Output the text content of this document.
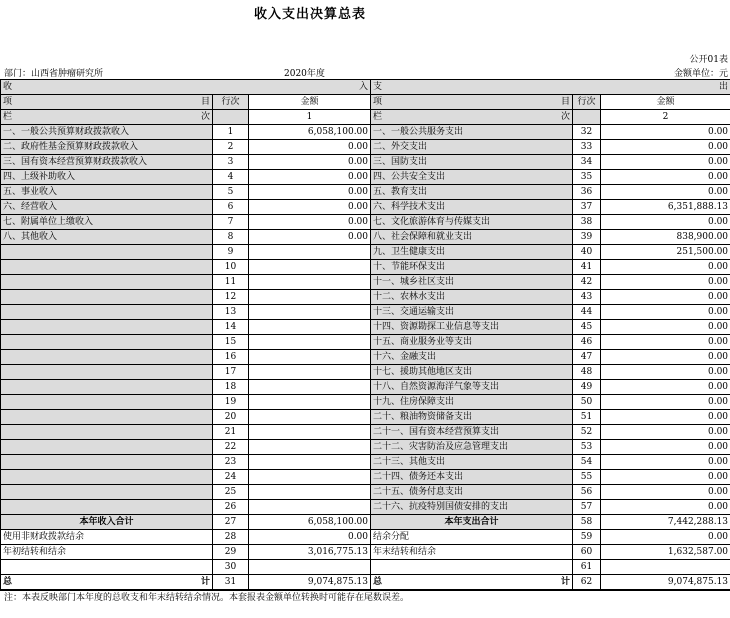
收入支出决算总表
公开01表
部门：山西省肿瘤研究所	2020年度	金额单位：元
收 入			支 出		

项 目	行次	金额	项 目	行次	金额

栏 次		1	栏 次		2
一、一般公共预算财政拨款收入	1	6,058,100.00	一、一般公共服务支出	32	0.00
二、政府性基金预算财政拨款收入	2	0.00	二、外交支出	33	0.00
三、国有资本经营预算财政拨款收入	3	0.00	三、国防支出	34	0.00
四、上级补助收入	4	0.00	四、公共安全支出	35	0.00
五、事业收入	5	0.00	五、教育支出	36	0.00
六、经营收入	6	0.00	六、科学技术支出	37	6,351,888.13
七、附属单位上缴收入	7	0.00	七、文化旅游体育与传媒支出	38	0.00
八、其他收入	8	0.00	八、社会保障和就业支出	39	838,900.00
	9		九、卫生健康支出	40	251,500.00
	10		十、节能环保支出	41	0.00
	11		十一、城乡社区支出	42	0.00
	12		十二、农林水支出	43	0.00
	13		十三、交通运输支出	44	0.00
	14		十四、资源勘探工业信息等支出	45	0.00
	15		十五、商业服务业等支出	46	0.00
	16		十六、金融支出	47	0.00
	17		十七、援助其他地区支出	48	0.00
	18		十八、自然资源海洋气象等支出	49	0.00
	19		十九、住房保障支出	50	0.00
	20		二十、粮油物资储备支出	51	0.00
	21		二十一、国有资本经营预算支出	52	0.00
	22		二十二、灾害防治及应急管理支出	53	0.00
	23		二十三、其他支出	54	0.00
	24		二十四、债务还本支出	55	0.00
	25		二十五、债务付息支出	56	0.00
	26		二十六、抗疫特别国债安排的支出	57	0.00
本年收入合计	27	6,058,100.00	本年支出合计	58	7,442,288.13
使用非财政拨款结余	28	0.00	结余分配	59	0.00
年初结转和结余	29	3,016,775.13	年末结转和结余	60	1,632,587.00
	30			61	

总 计	31	9,074,875.13	总 计	62	9,074,875.13
注：本表反映部门本年度的总收支和年末结转结余情况。本套报表金额单位转换时可能存在尾数误差。
